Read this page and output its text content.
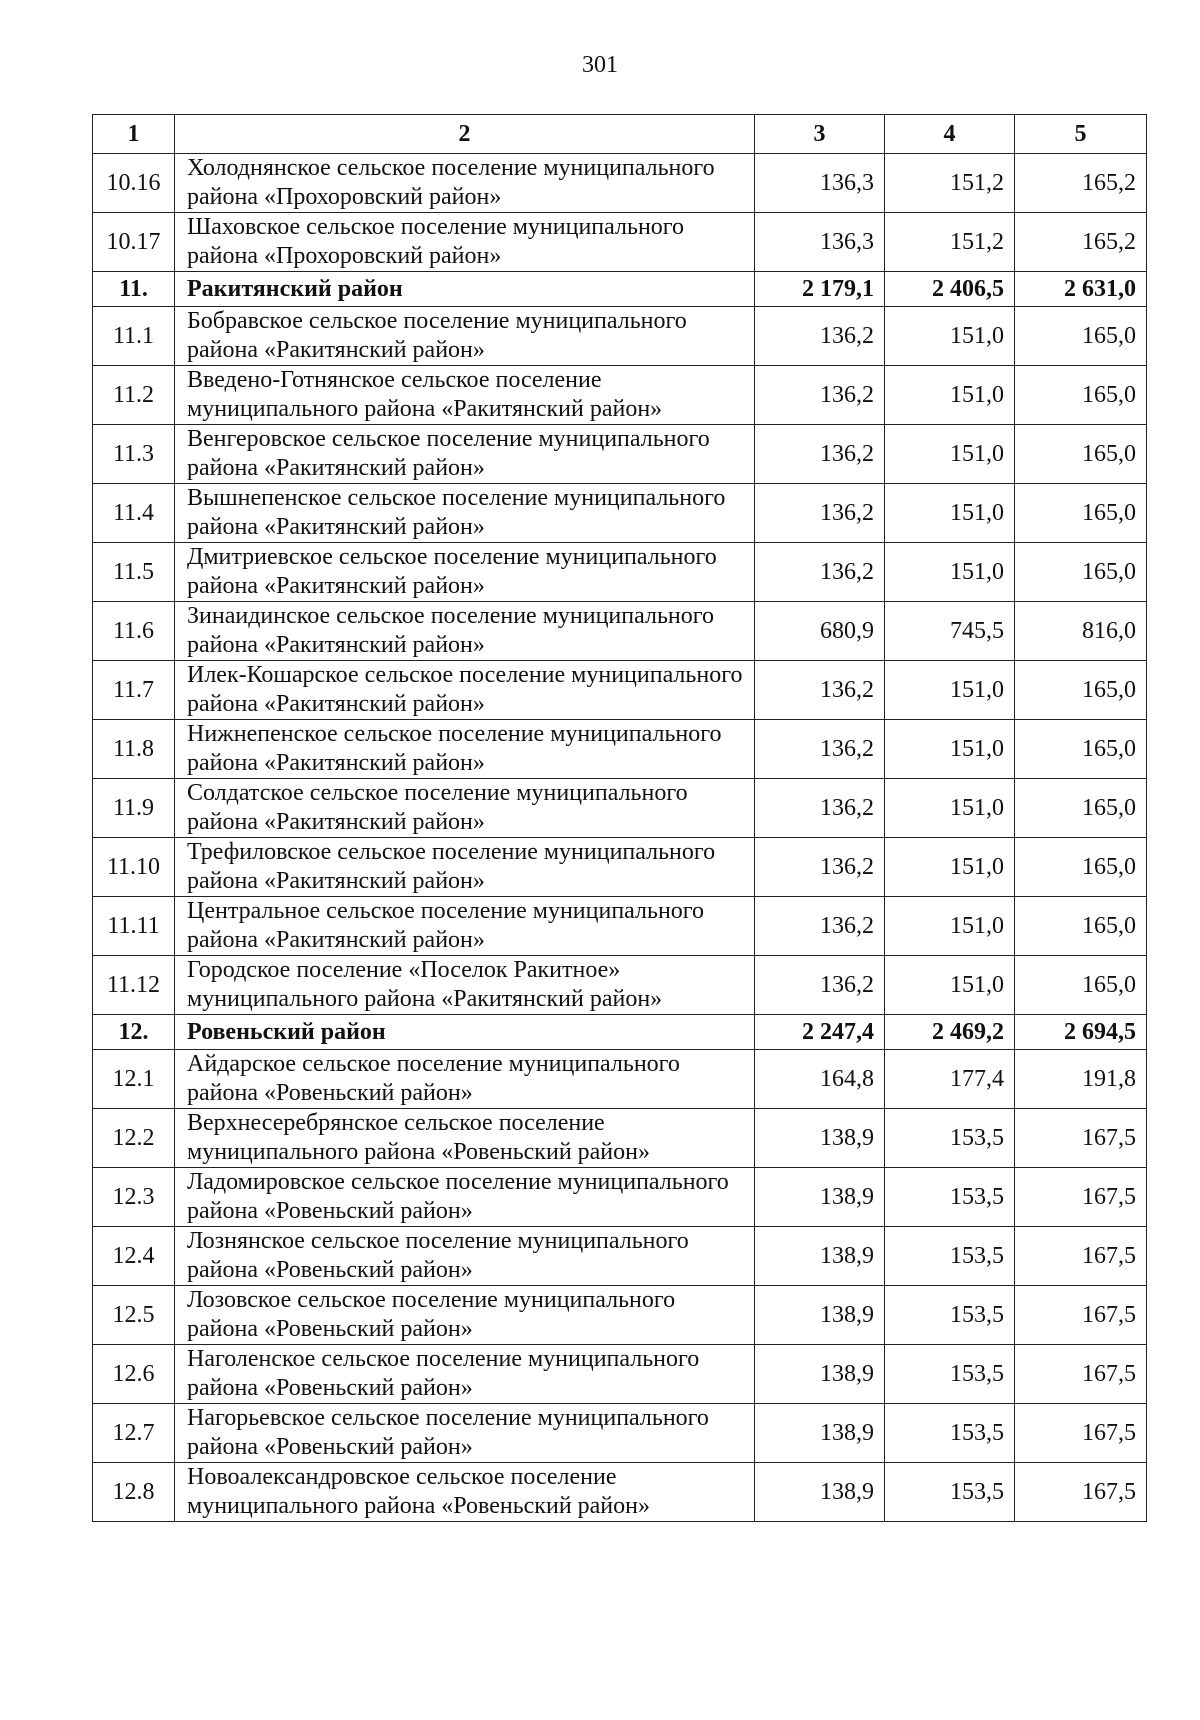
301
1	2	3	4	5
10.16	Холоднянское сельское поселение муниципального района «Прохоровский район»	136,3	151,2	165,2
10.17	Шаховское сельское поселение муниципального района «Прохоровский район»	136,3	151,2	165,2
11.	Ракитянский район	2 179,1	2 406,5	2 631,0
11.1	Бобравское сельское поселение муниципального района «Ракитянский район»	136,2	151,0	165,0
11.2	Введено-Готнянское сельское поселение муниципального района «Ракитянский район»	136,2	151,0	165,0
11.3	Венгеровское сельское поселение муниципального района «Ракитянский район»	136,2	151,0	165,0
11.4	Вышнепенское сельское поселение муниципального района «Ракитянский район»	136,2	151,0	165,0
11.5	Дмитриевское сельское поселение муниципального района «Ракитянский район»	136,2	151,0	165,0
11.6	Зинаидинское сельское поселение муниципального района «Ракитянский район»	680,9	745,5	816,0
11.7	Илек-Кошарское сельское поселение муниципального района «Ракитянский район»	136,2	151,0	165,0
11.8	Нижнепенское сельское поселение муниципального района «Ракитянский район»	136,2	151,0	165,0
11.9	Солдатское сельское поселение муниципального района «Ракитянский район»	136,2	151,0	165,0
11.10	Трефиловское сельское поселение муниципального района «Ракитянский район»	136,2	151,0	165,0
11.11	Центральное сельское поселение муниципального района «Ракитянский район»	136,2	151,0	165,0
11.12	Городское поселение «Поселок Ракитное» муниципального района «Ракитянский район»	136,2	151,0	165,0
12.	Ровеньский район	2 247,4	2 469,2	2 694,5
12.1	Айдарское сельское поселение муниципального района «Ровеньский район»	164,8	177,4	191,8
12.2	Верхнесеребрянское сельское поселение муниципального района «Ровеньский район»	138,9	153,5	167,5
12.3	Ладомировское сельское поселение муниципального района «Ровеньский район»	138,9	153,5	167,5
12.4	Лознянское сельское поселение муниципального района «Ровеньский район»	138,9	153,5	167,5
12.5	Лозовское сельское поселение муниципального района «Ровеньский район»	138,9	153,5	167,5
12.6	Наголенское сельское поселение муниципального района «Ровеньский район»	138,9	153,5	167,5
12.7	Нагорьевское сельское поселение муниципального района «Ровеньский район»	138,9	153,5	167,5
12.8	Новоалександровское сельское поселение муниципального района «Ровеньский район»	138,9	153,5	167,5
